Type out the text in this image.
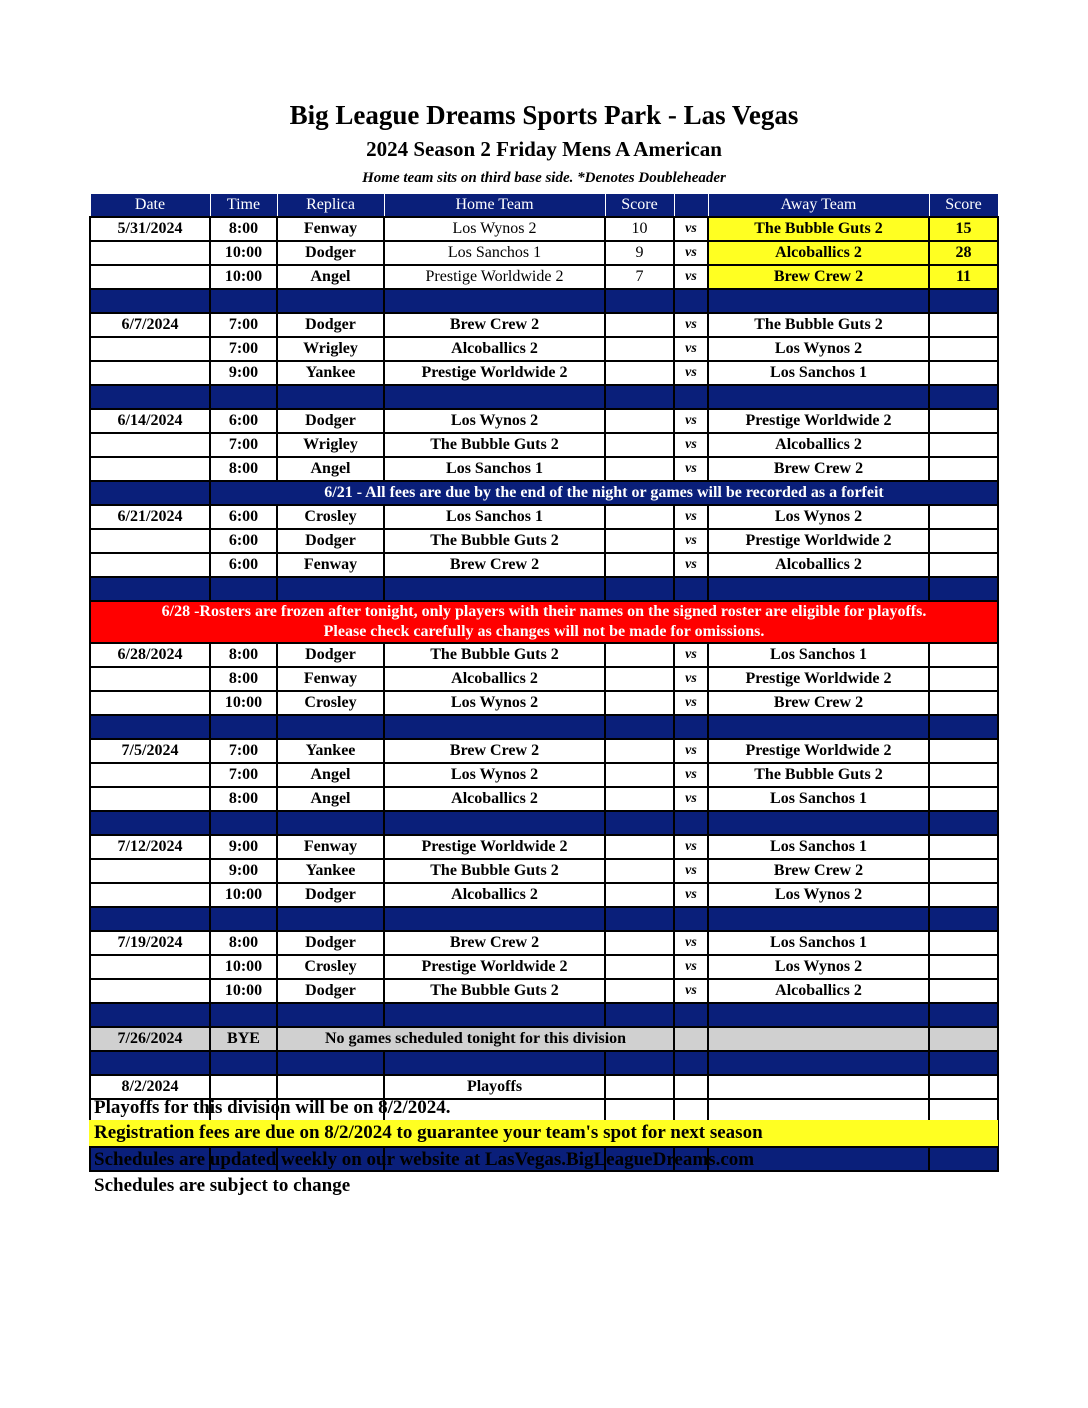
Big League Dreams Sports Park - Las Vegas
2024 Season 2 Friday Mens A American
Home team sits on third base side. *Denotes Doubleheader
Date	Time	Replica	Home Team	Score		Away Team	Score
5/31/2024	8:00	Fenway	Los Wynos 2	10	vs	The Bubble Guts 2	15
	10:00	Dodger	Los Sanchos 1	9	vs	Alcoballics 2	28
	10:00	Angel	Prestige Worldwide 2	7	vs	Brew Crew 2	11

6/7/2024	7:00	Dodger	Brew Crew 2		vs	The Bubble Guts 2	
	7:00	Wrigley	Alcoballics 2		vs	Los Wynos 2	
	9:00	Yankee	Prestige Worldwide 2		vs	Los Sanchos 1	

6/14/2024	6:00	Dodger	Los Wynos 2		vs	Prestige Worldwide 2	
	7:00	Wrigley	The Bubble Guts 2		vs	Alcoballics 2	
	8:00	Angel	Los Sanchos 1		vs	Brew Crew 2	
	6/21 - All fees are due by the end of the night or games will be recorded as a forfeit						
6/21/2024	6:00	Crosley	Los Sanchos 1		vs	Los Wynos 2	
	6:00	Dodger	The Bubble Guts 2		vs	Prestige Worldwide 2	
	6:00	Fenway	Brew Crew 2		vs	Alcoballics 2	

6/28 -Rosters are frozen after tonight, only players with their names on the signed roster are eligible for playoffs.
Please check carefully as changes will not be made for omissions.							

6/28/2024	8:00	Dodger	The Bubble Guts 2		vs	Los Sanchos 1	
	8:00	Fenway	Alcoballics 2		vs	Prestige Worldwide 2	
	10:00	Crosley	Los Wynos 2		vs	Brew Crew 2	

7/5/2024	7:00	Yankee	Brew Crew 2		vs	Prestige Worldwide 2	
	7:00	Angel	Los Wynos 2		vs	The Bubble Guts 2	
	8:00	Angel	Alcoballics 2		vs	Los Sanchos 1	

7/12/2024	9:00	Fenway	Prestige Worldwide 2		vs	Los Sanchos 1	
	9:00	Yankee	The Bubble Guts 2		vs	Brew Crew 2	
	10:00	Dodger	Alcoballics 2		vs	Los Wynos 2	

7/19/2024	8:00	Dodger	Brew Crew 2		vs	Los Sanchos 1	
	10:00	Crosley	Prestige Worldwide 2		vs	Los Wynos 2	
	10:00	Dodger	The Bubble Guts 2		vs	Alcoballics 2	

7/26/2024	BYE	No games scheduled tonight for this division					

8/2/2024			Playoffs				

Playoffs for this division will be on 8/2/2024.
Registration fees are due on 8/2/2024 to guarantee your team's spot for next season
Schedules are updated weekly on our website at LasVegas.BigLeagueDreams.com
Schedules are subject to change
